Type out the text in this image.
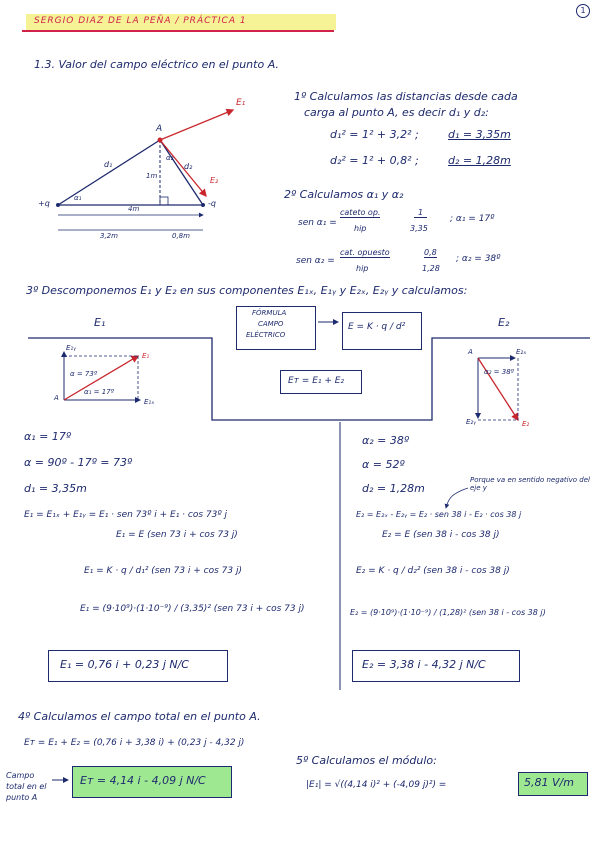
SERGIO DIAZ DE LA PEÑA / PRÁCTICA 1
1
1.3. Valor del campo eléctrico en el punto A.
A
+q	-q
E₁
E₂
d₁	d₂
1m
4m
3,2m	0,8m
α₁
α₂
1º Calculamos las distancias desde cada
carga al punto A, es decir d₁ y d₂:
d₁² = 1² + 3,2² ;	d₁ = 3,35m
d₂² = 1² + 0,8² ;	d₂ = 1,28m
2º Calculamos α₁ y α₂
sen α₁ =
cateto op.
hip
1
3,35
; α₁ = 17º
sen α₂ =
cat. opuesto
hip
0,8
1,28
; α₂ = 38º
3º Descomponemos E₁ y E₂ en sus componentes E₁ₓ, E₁ᵧ y E₂ₓ, E₂ᵧ y calculamos:
FÓRMULA
CAMPO
ELÉCTRICO
E = K · q / d²
Eт = E₁ + E₂
E₁
A
E₁ᵧ
E₁
E₁ₓ
α = 73º
α₁ = 17º
α₁ = 17º
α = 90º - 17º = 73º
d₁ = 3,35m
E₁ = E₁ₓ + E₁ᵧ = E₁ · sen 73º i + E₁ · cos 73º j
E₁ = E (sen 73 i + cos 73 j)
E₁ = K · q / d₁² (sen 73 i + cos 73 j)
E₁ = (9·10⁹)·(1·10⁻⁹) / (3,35)² (sen 73 i + cos 73 j)
E₁ = 0,76 i + 0,23 j N/C
E₂
A	E₂ₓ
E₂ᵧ	E₂
α₂ = 38º
α₂ = 38º
α = 52º
d₂ = 1,28m
Porque va en sentido negativo del eje y
E₂ = E₂ₓ - E₂ᵧ = E₂ · sen 38 i - E₂ · cos 38 j
E₂ = E (sen 38 i - cos 38 j)
E₂ = K · q / d₂² (sen 38 i - cos 38 j)
E₂ = (9·10⁹)·(1·10⁻⁹) / (1,28)² (sen 38 i - cos 38 j)
E₂ = 3,38 i - 4,32 j N/C
4º Calculamos el campo total en el punto A.
Eт = E₁ + E₂ = (0,76 i + 3,38 i) + (0,23 j - 4,32 j)
Campo total en el punto A
Eт = 4,14 i - 4,09 j N/C
5º Calculamos el módulo:
|E₁| = √((4,14 i)² + (-4,09 j)²) =	5,81 V/m
